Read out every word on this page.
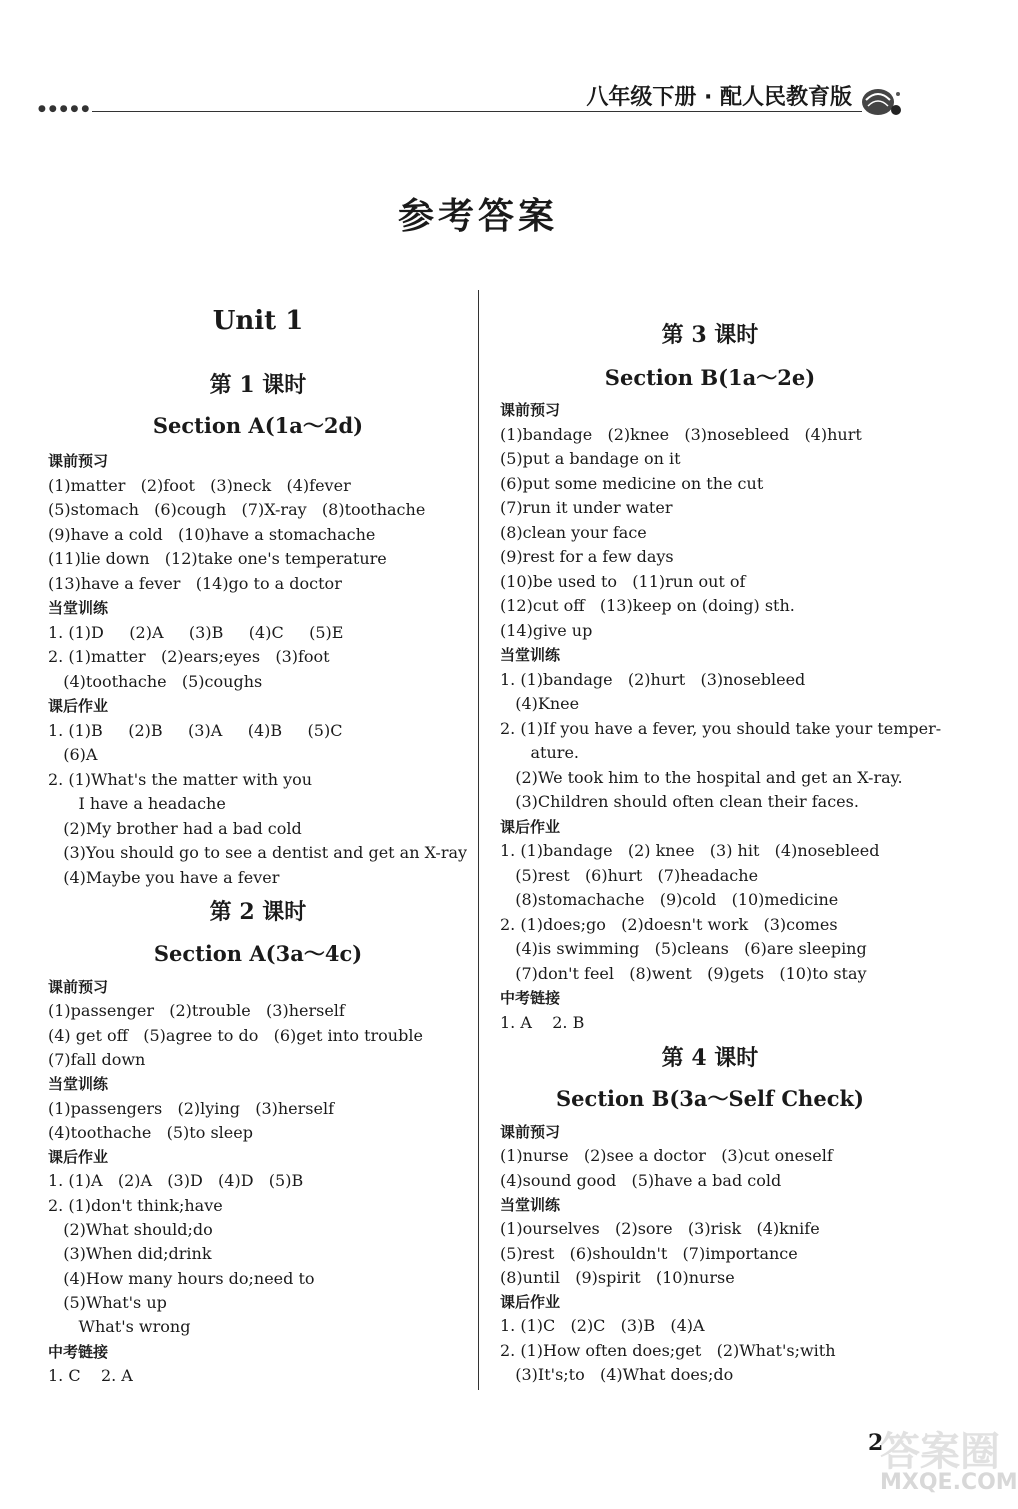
●●●●●	八年级下册 · 配人民教育版
参考答案
Unit 1
第 1 课时
Section A(1a～2d)
课前预习
(1)matter   (2)foot   (3)neck   (4)fever
(5)stomach   (6)cough   (7)X-ray   (8)toothache
(9)have a cold   (10)have a stomachache
(11)lie down   (12)take one's temperature
(13)have a fever   (14)go to a doctor
当堂训练
1. (1)D     (2)A     (3)B     (4)C     (5)E
2. (1)matter   (2)ears;eyes   (3)foot
(4)toothache   (5)coughs
课后作业
1. (1)B     (2)B     (3)A     (4)B     (5)C
(6)A
2. (1)What's the matter with you
I have a headache
(2)My brother had a bad cold
(3)You should go to see a dentist and get an X-ray
(4)Maybe you have a fever
第 2 课时
Section A(3a～4c)
课前预习
(1)passenger   (2)trouble   (3)herself
(4) get off   (5)agree to do   (6)get into trouble
(7)fall down
当堂训练
(1)passengers   (2)lying   (3)herself
(4)toothache   (5)to sleep
课后作业
1. (1)A   (2)A   (3)D   (4)D   (5)B
2. (1)don't think;have
(2)What should;do
(3)When did;drink
(4)How many hours do;need to
(5)What's up
What's wrong
中考链接
1. C    2. A
第 3 课时
Section B(1a～2e)
课前预习
(1)bandage   (2)knee   (3)nosebleed   (4)hurt
(5)put a bandage on it
(6)put some medicine on the cut
(7)run it under water
(8)clean your face
(9)rest for a few days
(10)be used to   (11)run out of
(12)cut off   (13)keep on (doing) sth.
(14)give up
当堂训练
1. (1)bandage   (2)hurt   (3)nosebleed
(4)Knee
2. (1)If you have a fever, you should take your temper-
ature.
(2)We took him to the hospital and get an X-ray.
(3)Children should often clean their faces.
课后作业
1. (1)bandage   (2) knee   (3) hit   (4)nosebleed
(5)rest   (6)hurt   (7)headache
(8)stomachache   (9)cold   (10)medicine
2. (1)does;go   (2)doesn't work   (3)comes
(4)is swimming   (5)cleans   (6)are sleeping
(7)don't feel   (8)went   (9)gets   (10)to stay
中考链接
1. A    2. B
第 4 课时
Section B(3a～Self Check)
课前预习
(1)nurse   (2)see a doctor   (3)cut oneself
(4)sound good   (5)have a bad cold
当堂训练
(1)ourselves   (2)sore   (3)risk   (4)knife
(5)rest   (6)shouldn't   (7)importance
(8)until   (9)spirit   (10)nurse
课后作业
1. (1)C   (2)C   (3)B   (4)A
2. (1)How often does;get   (2)What's;with
(3)It's;to   (4)What does;do
2
答案圈
MXQE.COM
